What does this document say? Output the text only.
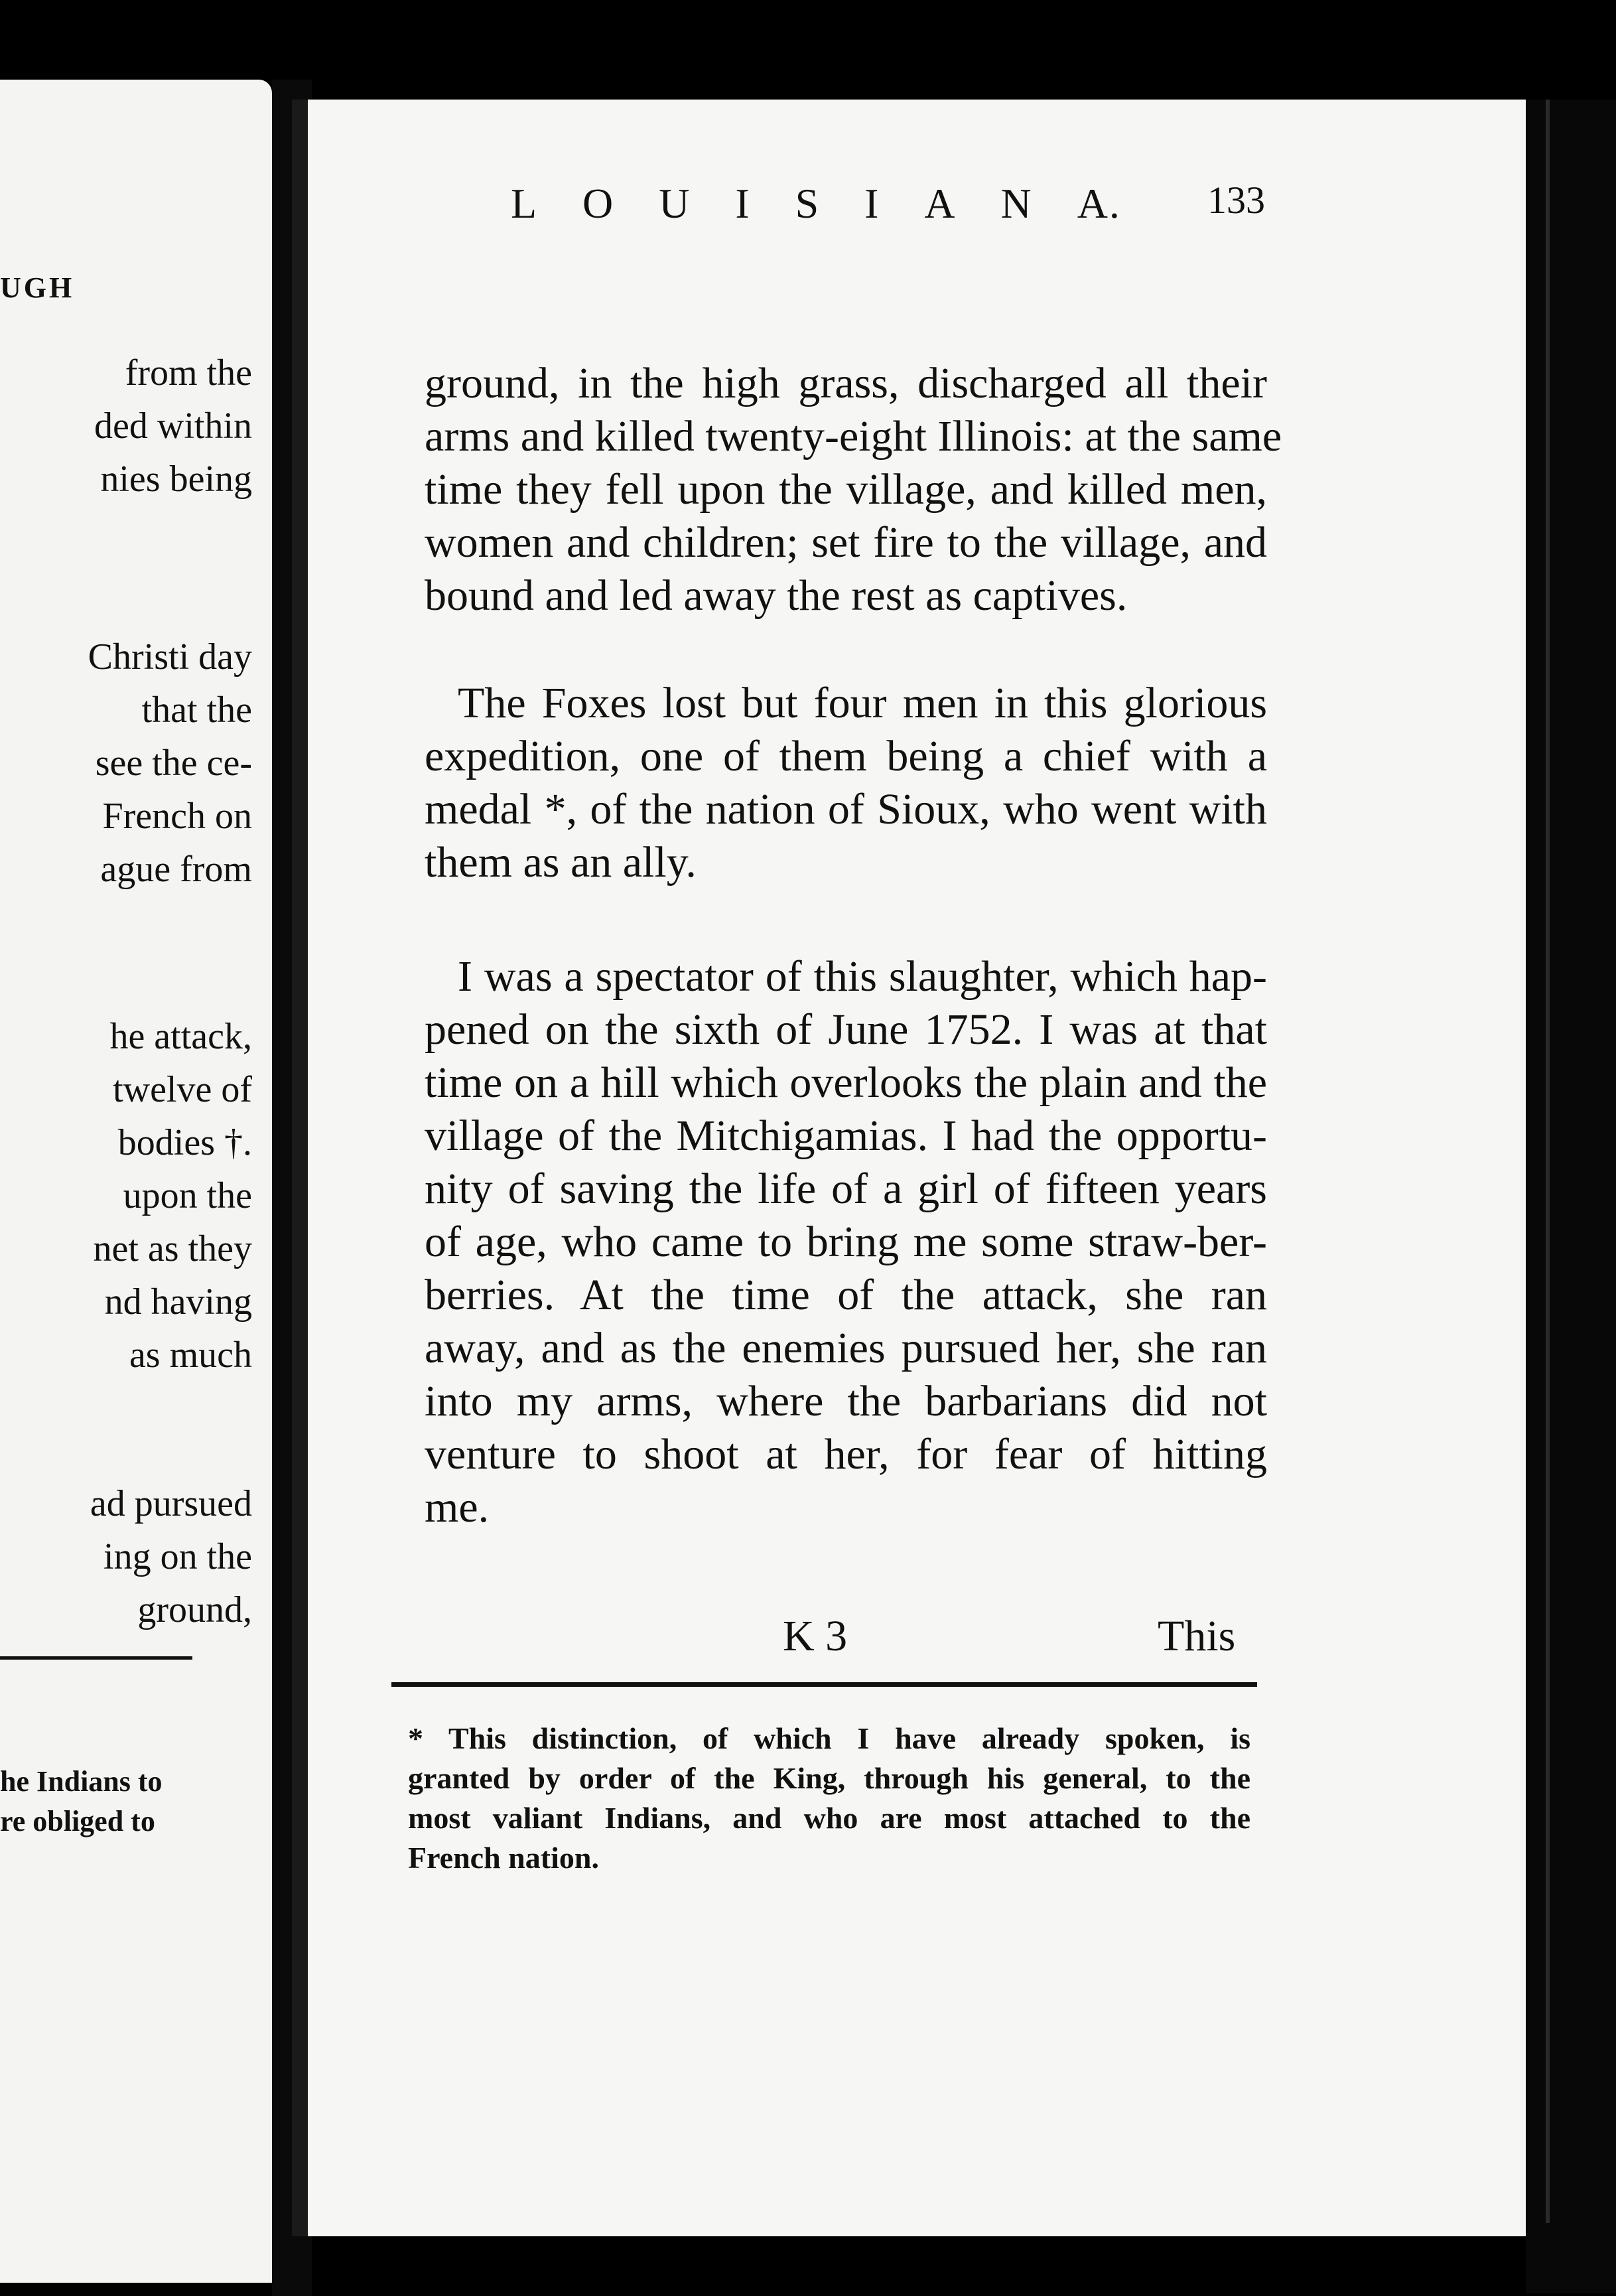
UGH
from the
ded within
nies being
Christi day
that the
see the ce-
French on
ague from
he attack,
twelve of
bodies †.
upon the
net as they
nd having
as much
ad pursued
ing on the
ground,
he Indians to
re obliged to
L O U I S I A N A. 133
ground, in the high grass, discharged all their
arms and killed twenty-eight Illinois: at the same
time they fell upon the village, and killed men,
women and children; set fire to the village, and
bound and led away the rest as captives.
The Foxes lost but four men in this glorious
expedition, one of them being a chief with a
medal *, of the nation of Sioux, who went with
them as an ally.
I was a spectator of this slaughter, which hap-
pened on the sixth of June 1752. I was at that
time on a hill which overlooks the plain and the
village of the Mitchigamias. I had the opportu-
nity of saving the life of a girl of fifteen years
of age, who came to bring me some straw-ber-
berries. At the time of the attack, she ran
away, and as the enemies pursued her, she ran
into my arms, where the barbarians did not
venture to shoot at her, for fear of hitting
me.
K 3	This
* This distinction, of which I have already spoken, is
granted by order of the King, through his general, to the
most valiant Indians, and who are most attached to the
French nation.
